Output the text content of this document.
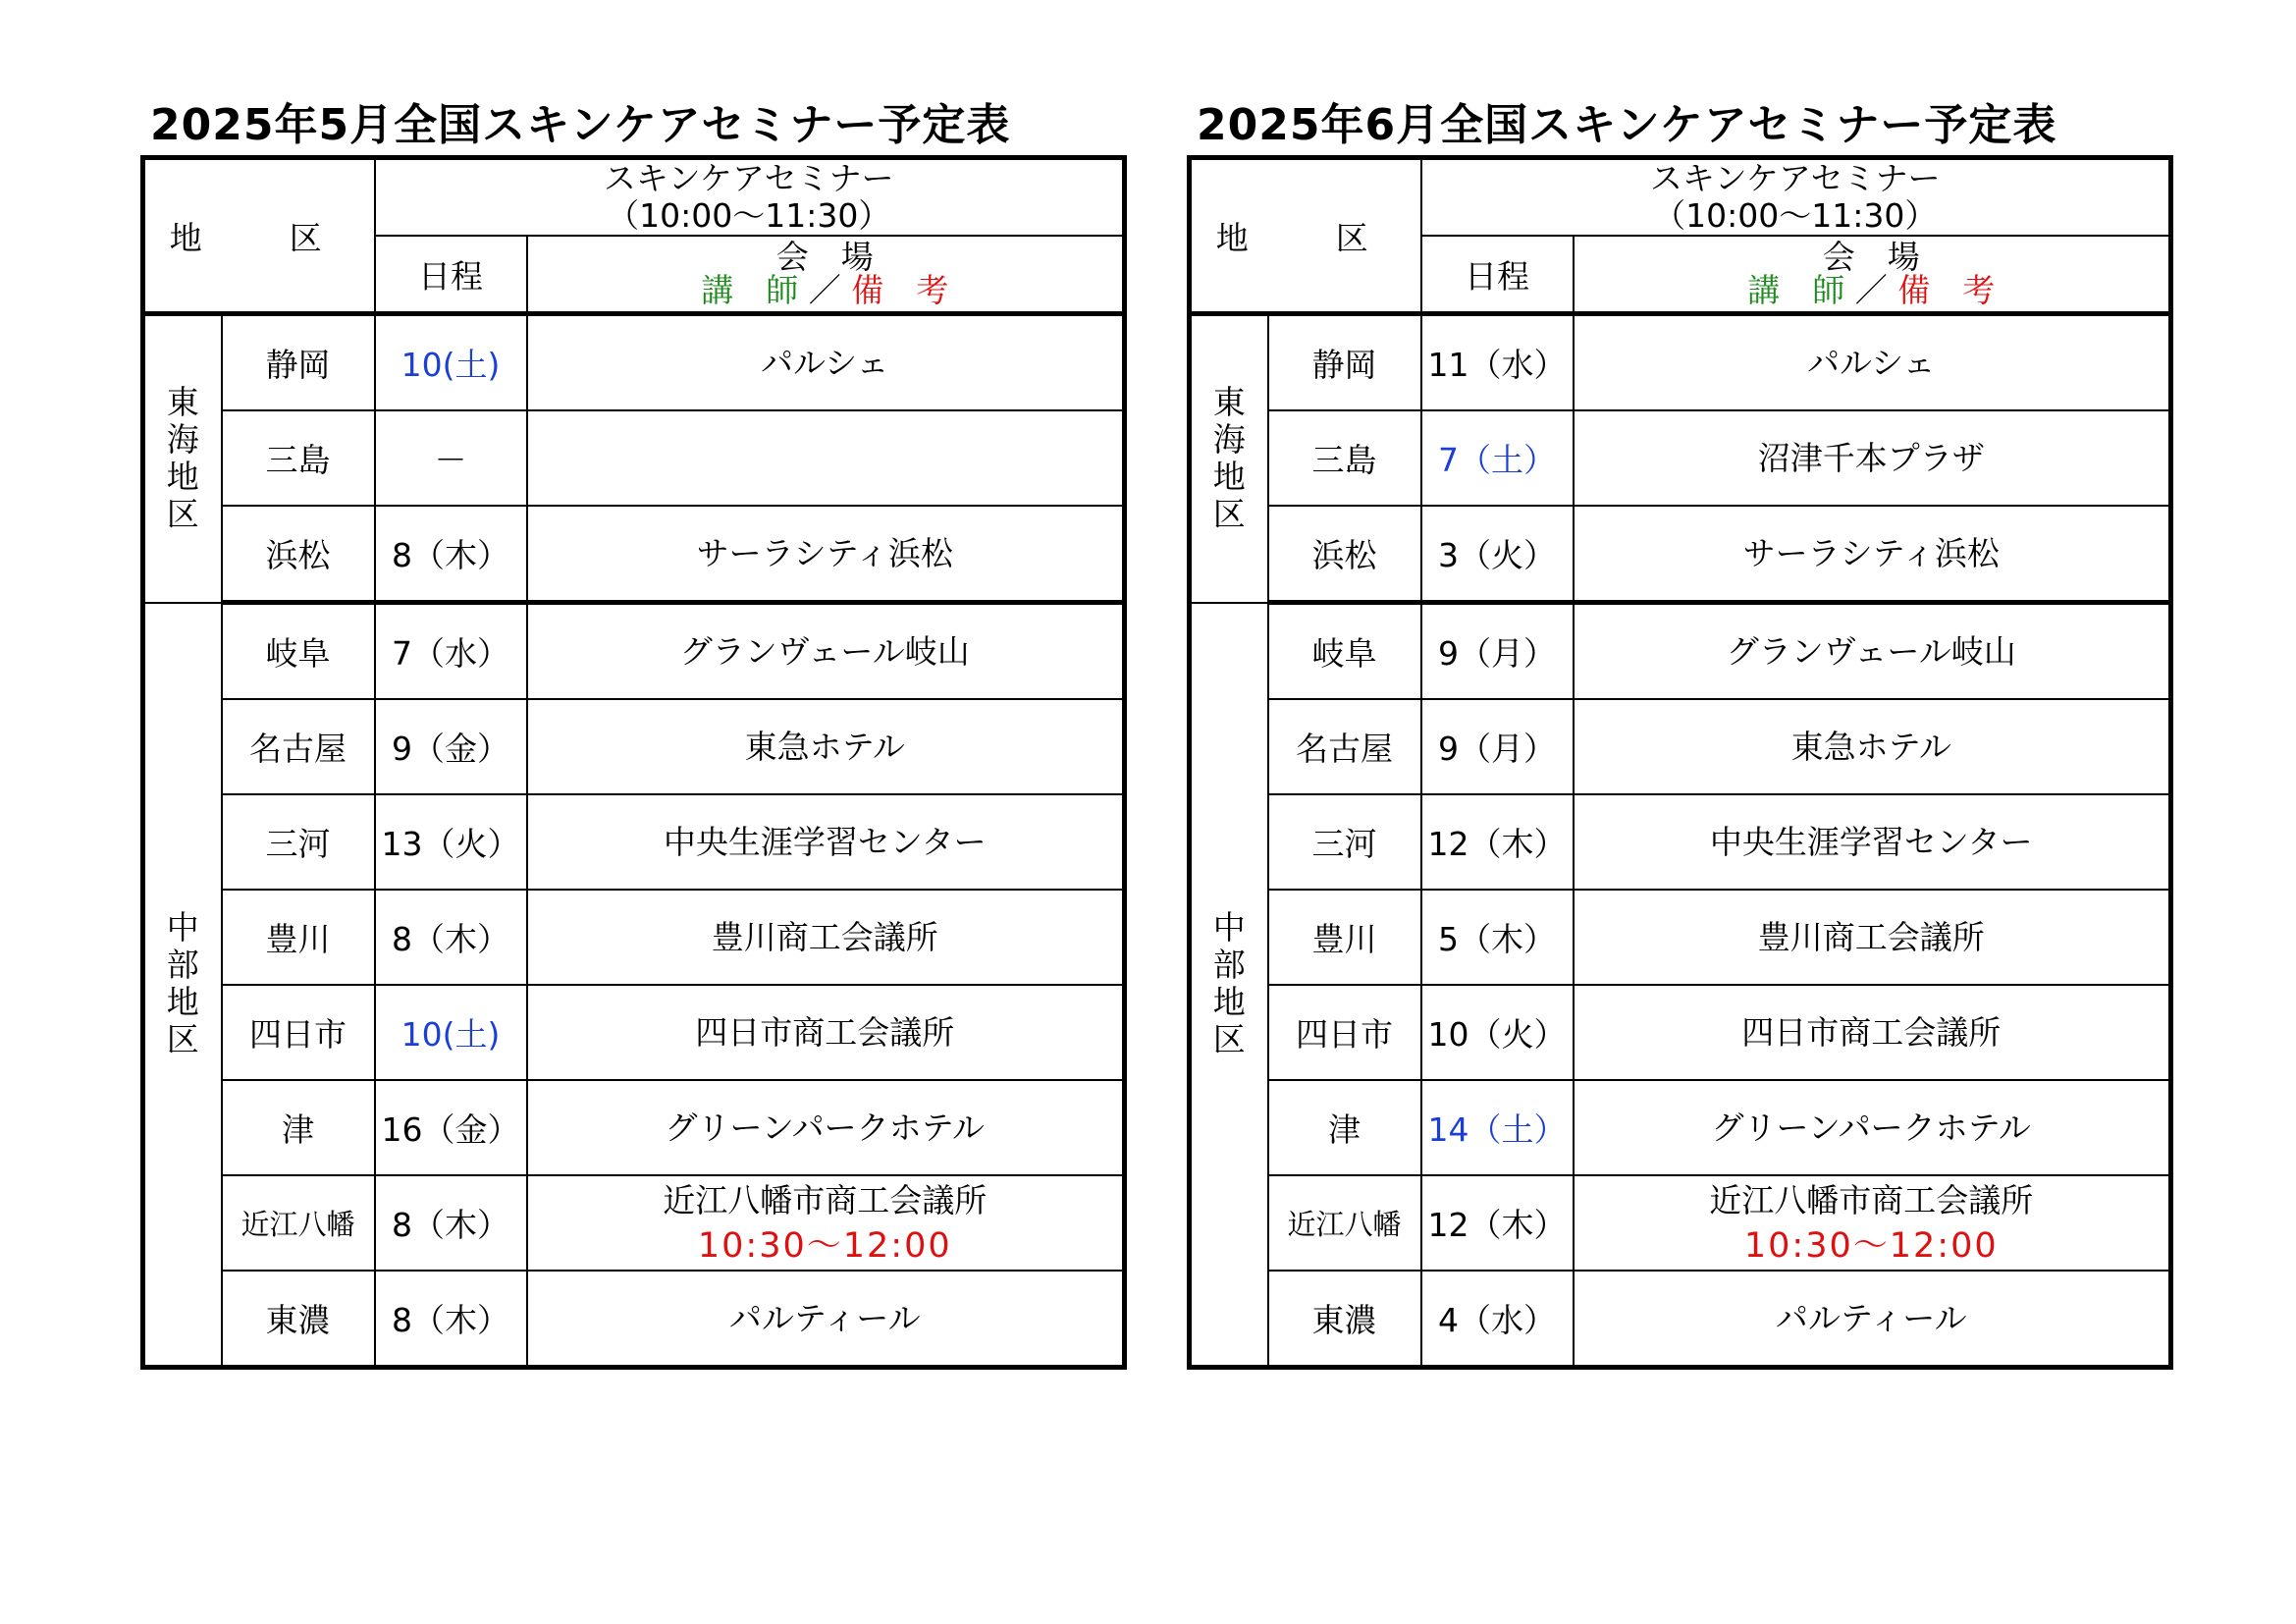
2025年5月全国スキンケアセミナー予定表
地　区		スキンケアセミナー
（10:00〜11:30）	
		日程	会　場
講　師 ／ 備　考

東
海
地
区	静岡	10(土)	パルシェ
	三島	－	
	浜松	8（木）	サーラシティ浜松

中
部
地
区	岐阜	7（水）	グランヴェール岐山
	名古屋	9（金）	東急ホテル
	三河	13（火）	中央生涯学習センター
	豊川	8（木）	豊川商工会議所
	四日市	10(土)	四日市商工会議所
	津	16（金）	グリーンパークホテル
	近江八幡	8（木）	近江八幡市商工会議所
10:30〜12:00

	東濃	8（木）	パルティール
2025年6月全国スキンケアセミナー予定表
地　区		スキンケアセミナー
（10:00〜11:30）	
		日程	会　場
講　師 ／ 備　考

東
海
地
区	静岡	11（水）	パルシェ
	三島	7（土）	沼津千本プラザ
	浜松	3（火）	サーラシティ浜松

中
部
地
区	岐阜	9（月）	グランヴェール岐山
	名古屋	9（月）	東急ホテル
	三河	12（木）	中央生涯学習センター
	豊川	5（木）	豊川商工会議所
	四日市	10（火）	四日市商工会議所
	津	14（土）	グリーンパークホテル
	近江八幡	12（木）	近江八幡市商工会議所
10:30〜12:00

	東濃	4（水）	パルティール
